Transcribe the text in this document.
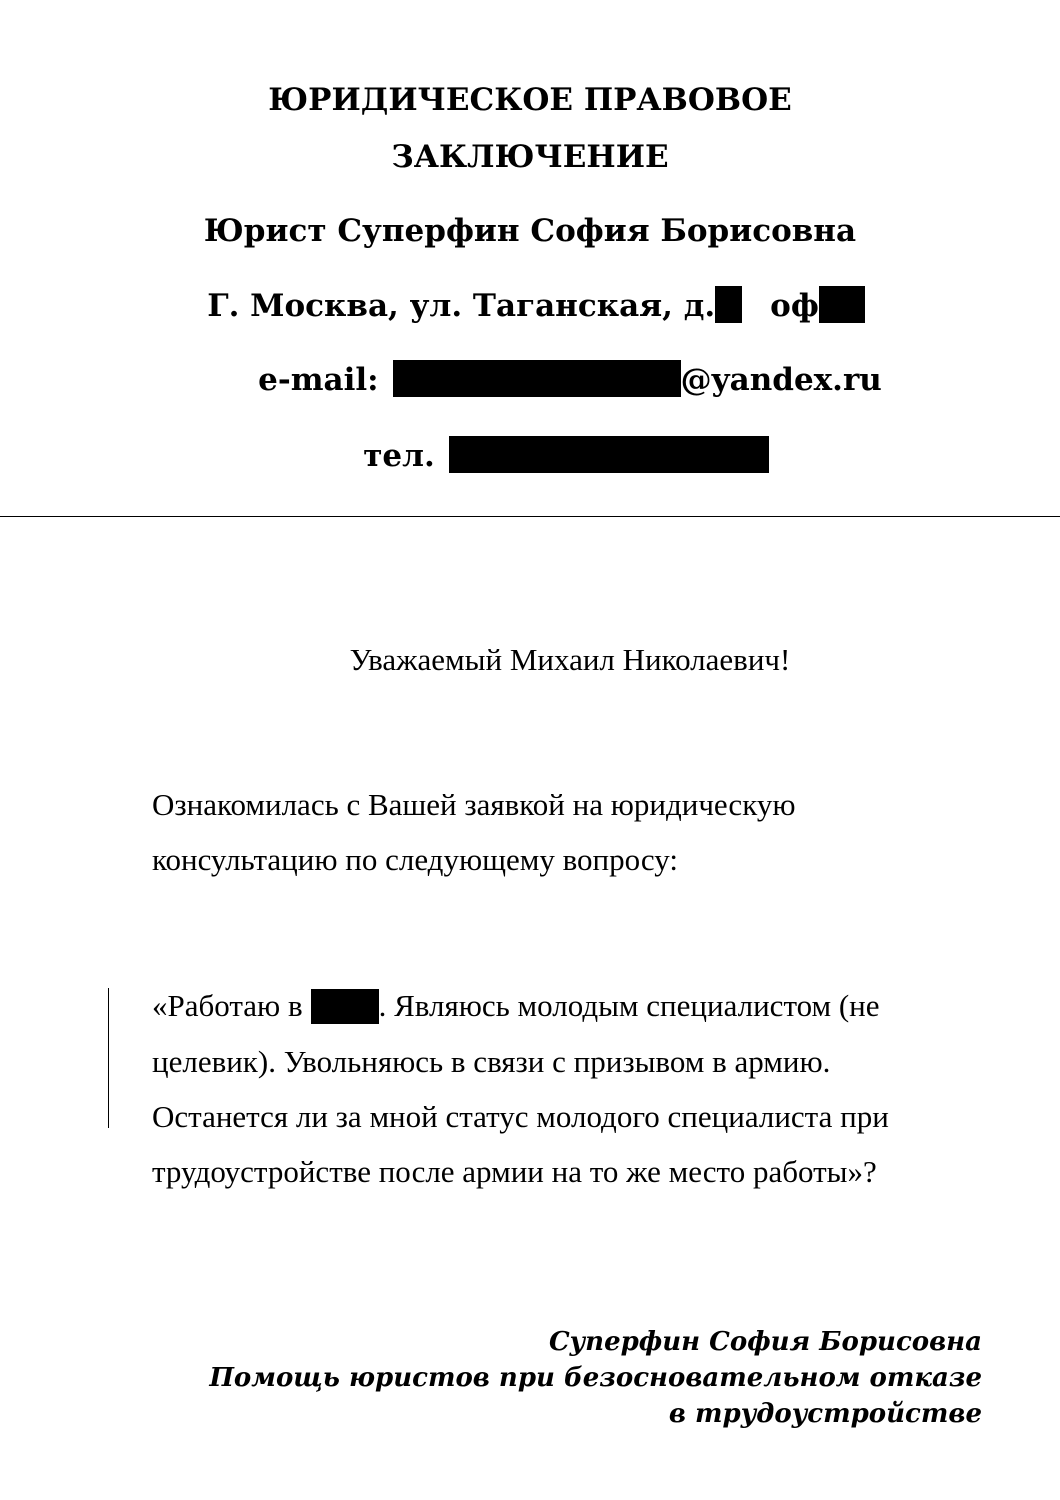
ЮРИДИЧЕСКОЕ ПРАВОВОЕ
ЗАКЛЮЧЕНИЕ
Юрист Суперфин София Борисовна
Г. Москва, ул. Таганская, д. оф
e-mail:	@yandex.ru
тел.
Уважаемый Михаил Николаевич!
Ознакомилась с Вашей заявкой на юридическую
консультацию по следующему вопросу:
«Работаю в . Являюсь молодым специалистом (не
целевик). Увольняюсь в связи с призывом в армию.
Останется ли за мной статус молодого специалиста при
трудоустройстве после армии на то же место работы»?
Суперфин София Борисовна
Помощь юристов при безосновательном отказе
в трудоустройстве
